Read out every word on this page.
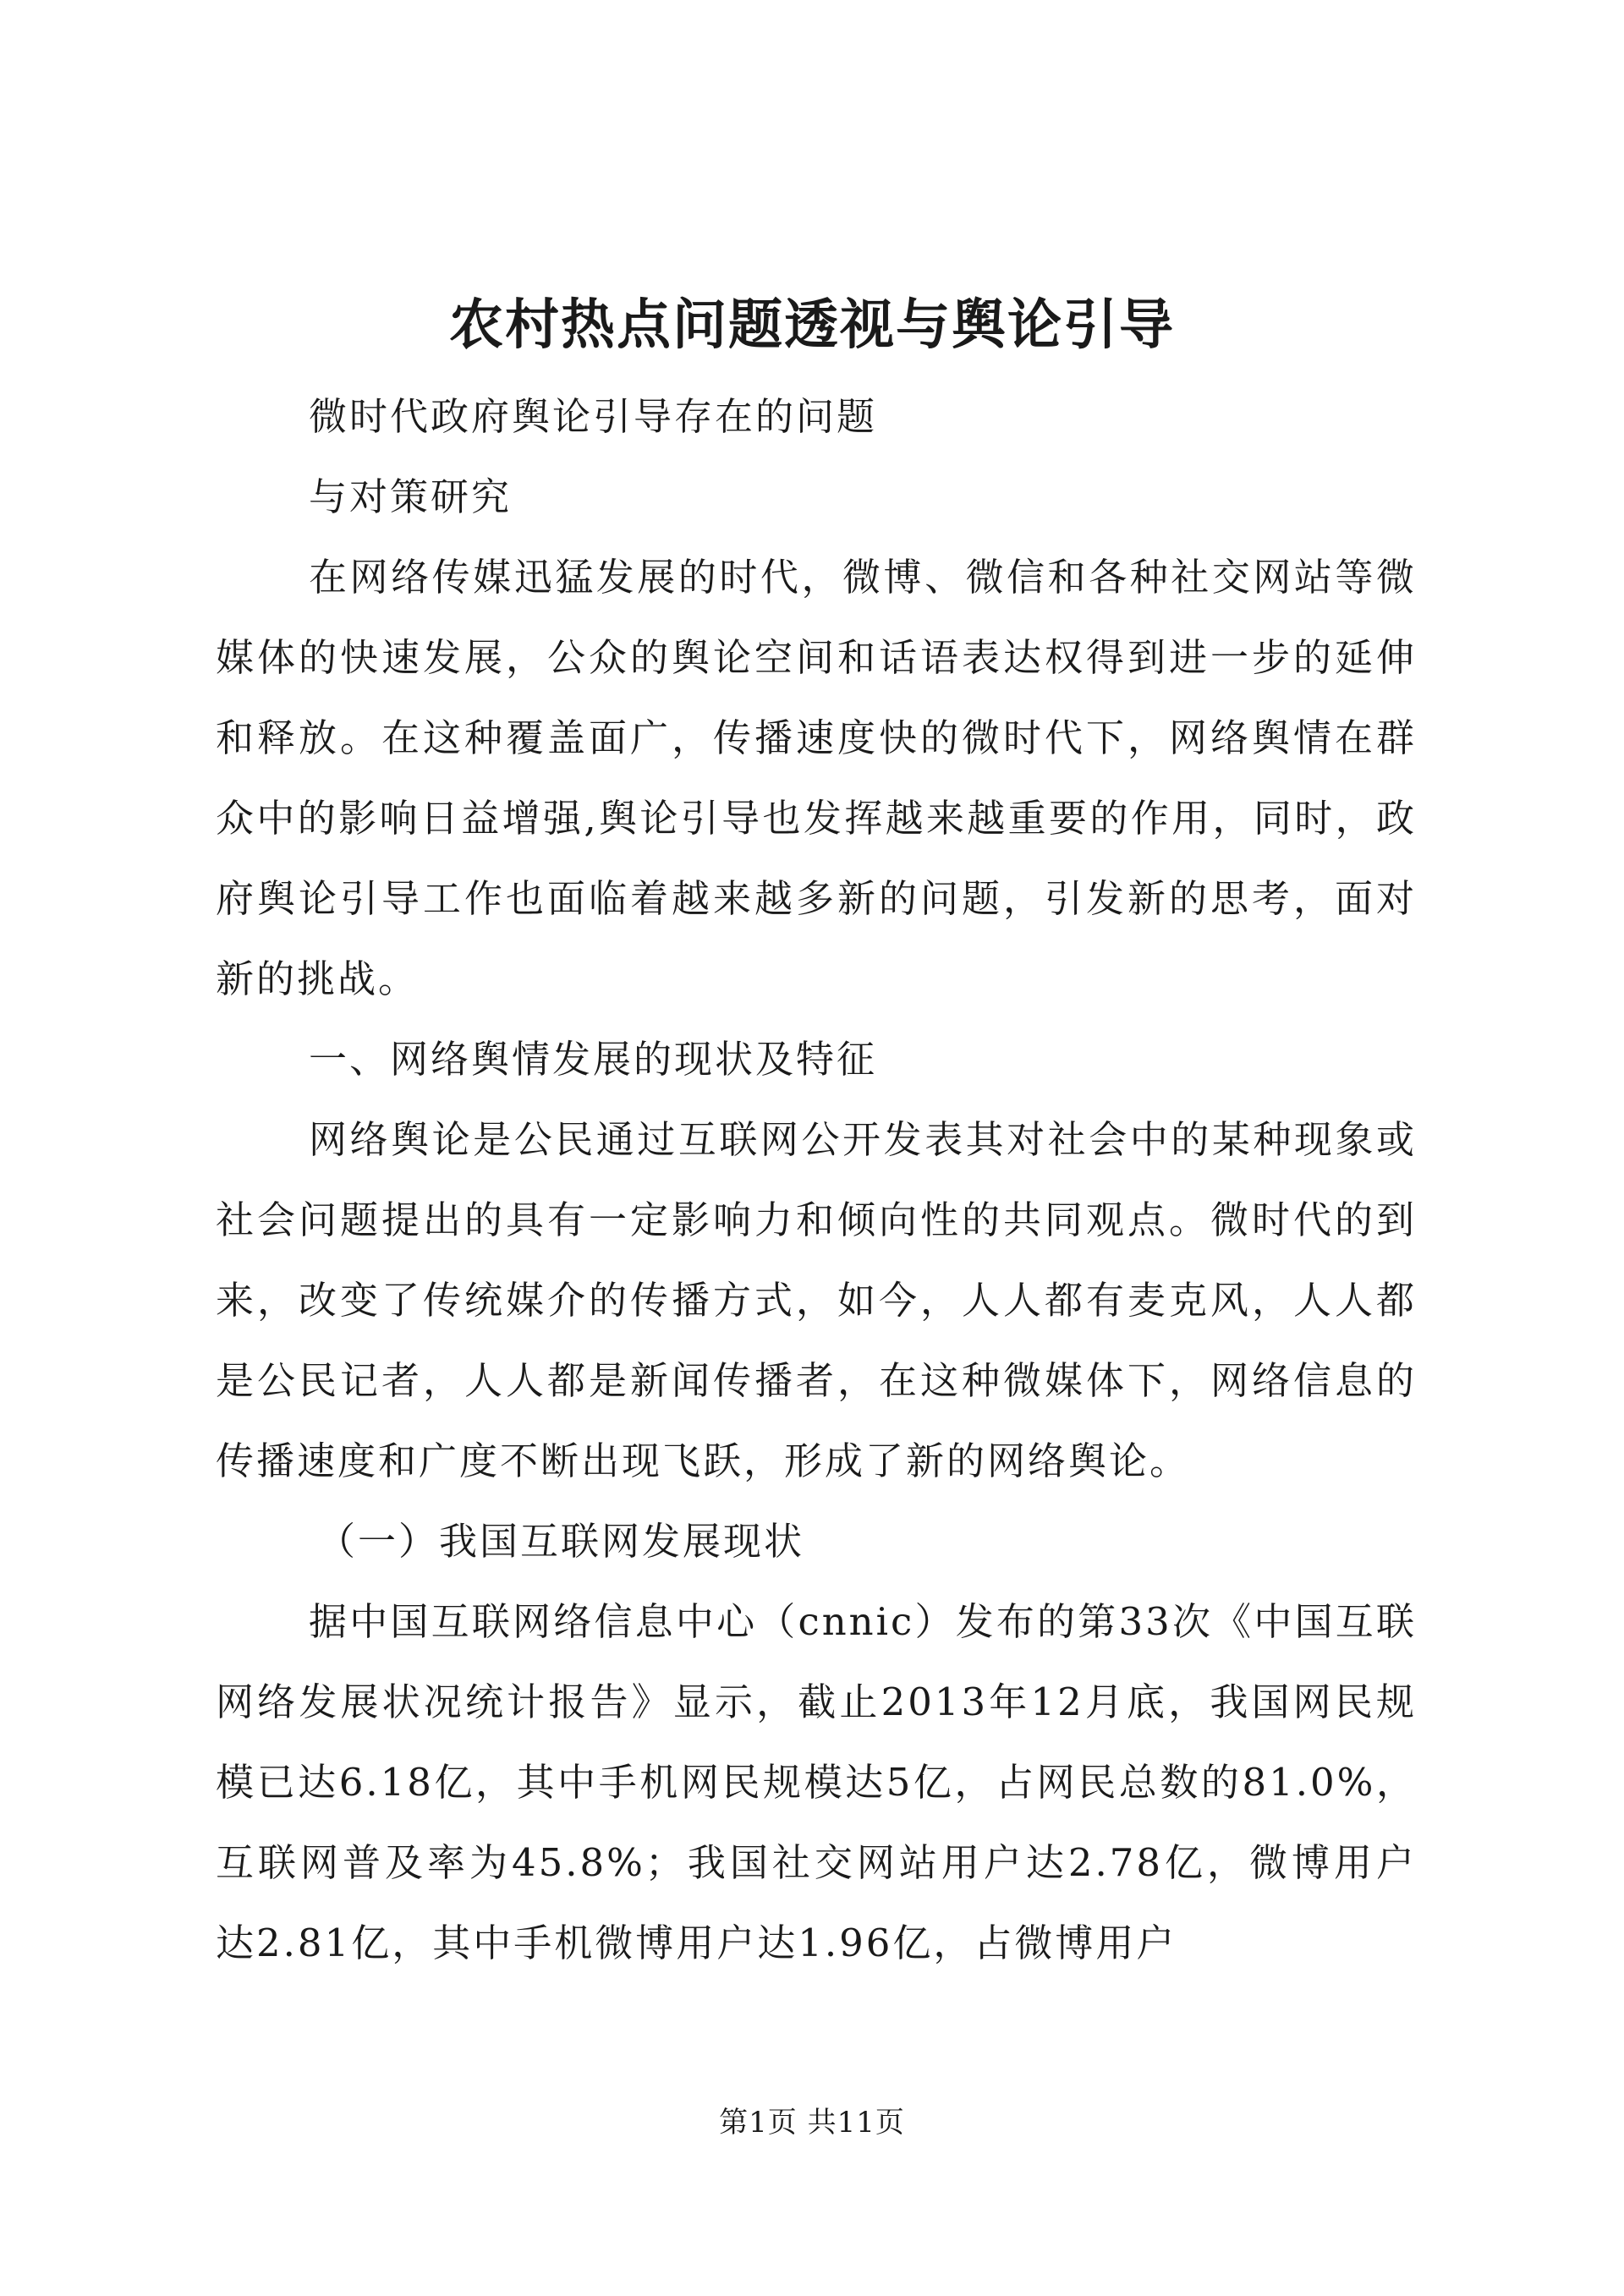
农村热点问题透视与舆论引导

微时代政府舆论引导存在的问题

与对策研究

在网络传媒迅猛发展的时代，微博、微信和各种社交网站等微媒体的快速发展，公众的舆论空间和话语表达权得到进一步的延伸和释放。在这种覆盖面广，传播速度快的微时代下，网络舆情在群众中的影响日益增强,舆论引导也发挥越来越重要的作用，同时，政府舆论引导工作也面临着越来越多新的问题，引发新的思考，面对新的挑战。

一、网络舆情发展的现状及特征

网络舆论是公民通过互联网公开发表其对社会中的某种现象或社会问题提出的具有一定影响力和倾向性的共同观点。微时代的到来，改变了传统媒介的传播方式，如今，人人都有麦克风，人人都是公民记者，人人都是新闻传播者，在这种微媒体下，网络信息的传播速度和广度不断出现飞跃，形成了新的网络舆论。

（一）我国互联网发展现状

据中国互联网络信息中心（cnnic）发布的第33次《中国互联网络发展状况统计报告》显示，截止2013年12月底，我国网民规模已达6.18亿，其中手机网民规模达5亿，占网民总数的81.0%，互联网普及率为45.8%；我国社交网站用户达2.78亿，微博用户达2.81亿，其中手机微博用户达1.96亿，占微博用户

第1页 共11页
